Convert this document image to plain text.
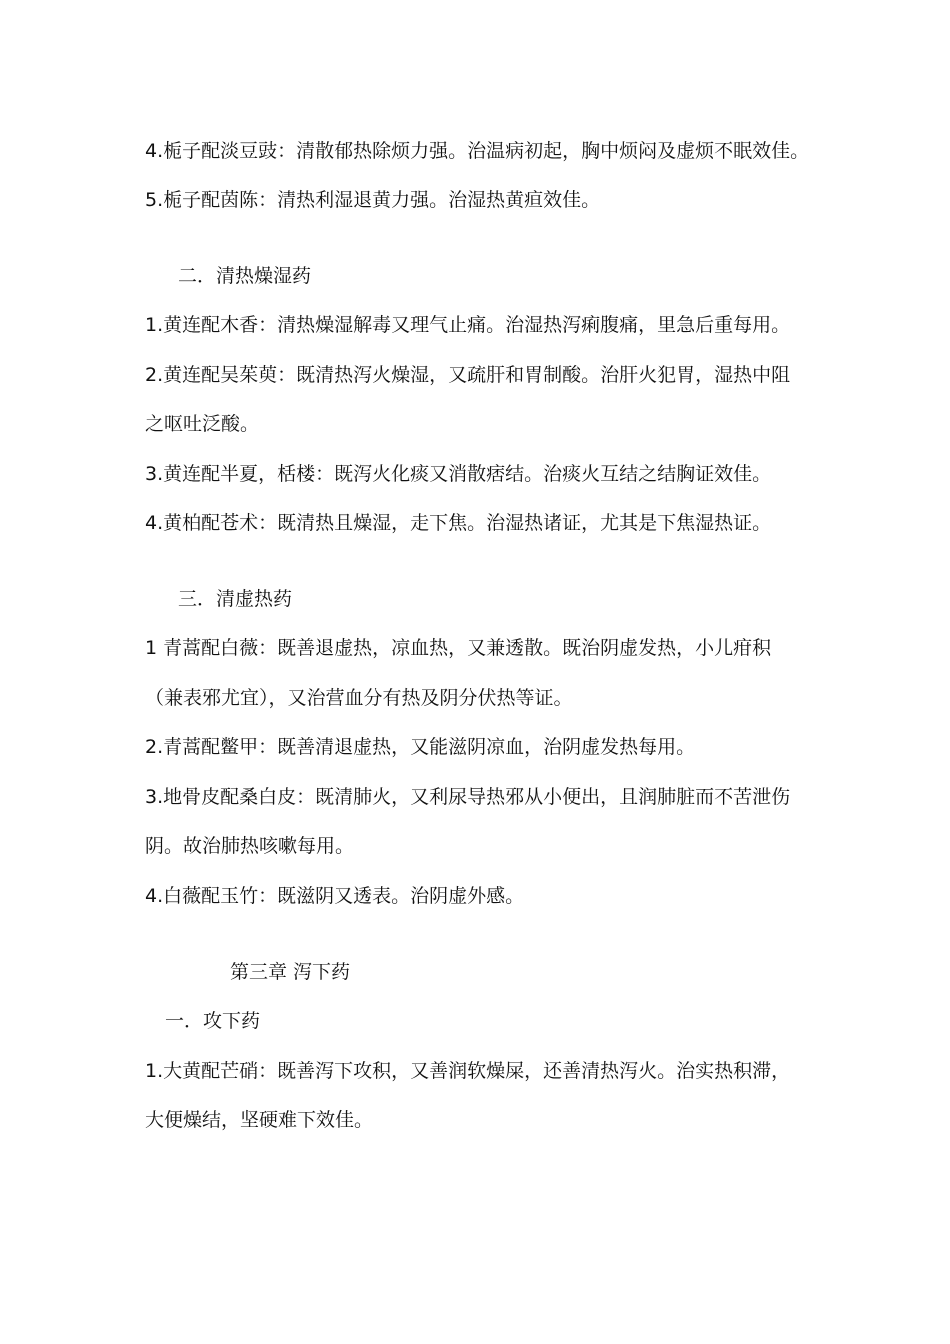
4.栀子配淡豆豉：清散郁热除烦力强。治温病初起，胸中烦闷及虚烦不眠效佳。
5.栀子配茵陈：清热利湿退黄力强。治湿热黄疸效佳。
二．清热燥湿药
1.黄连配木香：清热燥湿解毒又理气止痛。治湿热泻痢腹痛，里急后重每用。
2.黄连配吴茱萸：既清热泻火燥湿，又疏肝和胃制酸。治肝火犯胃，湿热中阻
之呕吐泛酸。
3.黄连配半夏，栝楼：既泻火化痰又消散痞结。治痰火互结之结胸证效佳。
4.黄柏配苍术：既清热且燥湿，走下焦。治湿热诸证，尤其是下焦湿热证。
三．清虚热药
1 青蒿配白薇：既善退虚热，凉血热，又兼透散。既治阴虚发热，小儿疳积
（兼表邪尤宜），又治营血分有热及阴分伏热等证。
2.青蒿配鳖甲：既善清退虚热，又能滋阴凉血，治阴虚发热每用。
3.地骨皮配桑白皮：既清肺火，又利尿导热邪从小便出，且润肺脏而不苦泄伤
阴。故治肺热咳嗽每用。
4.白薇配玉竹：既滋阴又透表。治阴虚外感。
第三章 泻下药
一．攻下药
1.大黄配芒硝：既善泻下攻积，又善润软燥屎，还善清热泻火。治实热积滞，
大便燥结，坚硬难下效佳。
